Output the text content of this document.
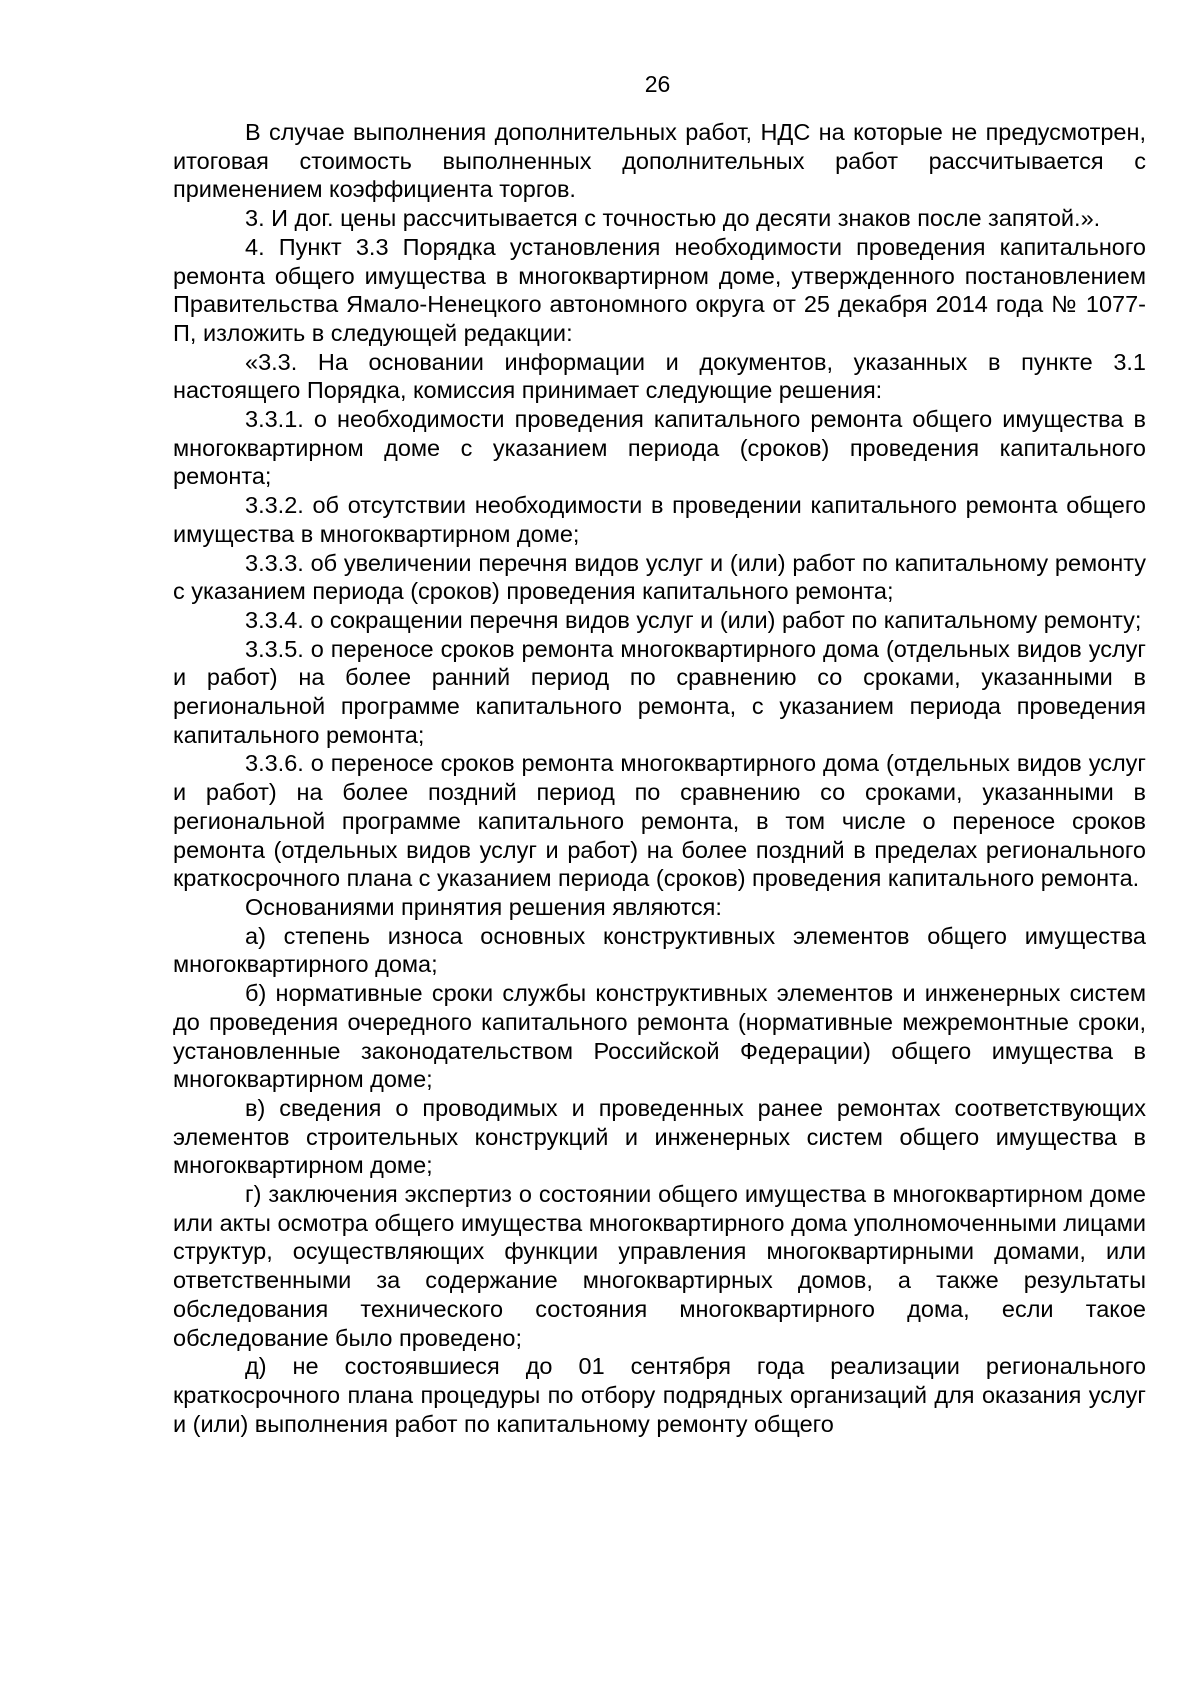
26

В случае выполнения дополнительных работ, НДС на которые не предусмотрен, итоговая стоимость выполненных дополнительных работ рассчитывается с применением коэффициента торгов.

3. И дог. цены рассчитывается с точностью до десяти знаков после запятой.».

4. Пункт 3.3 Порядка установления необходимости проведения капитального ремонта общего имущества в многоквартирном доме, утвержденного постановлением Правительства Ямало-Ненецкого автономного округа от 25 декабря 2014 года № 1077-П, изложить в следующей редакции:

«3.3. На основании информации и документов, указанных в пункте 3.1 настоящего Порядка, комиссия принимает следующие решения:

3.3.1. о необходимости проведения капитального ремонта общего имущества в многоквартирном доме с указанием периода (сроков) проведения капитального ремонта;

3.3.2. об отсутствии необходимости в проведении капитального ремонта общего имущества в многоквартирном доме;

3.3.3. об увеличении перечня видов услуг и (или) работ по капитальному ремонту с указанием периода (сроков) проведения капитального ремонта;

3.3.4. о сокращении перечня видов услуг и (или) работ по капитальному ремонту;

3.3.5. о переносе сроков ремонта многоквартирного дома (отдельных видов услуг и работ) на более ранний период по сравнению со сроками, указанными в региональной программе капитального ремонта, с указанием периода проведения капитального ремонта;

3.3.6. о переносе сроков ремонта многоквартирного дома (отдельных видов услуг и работ) на более поздний период по сравнению со сроками, указанными в региональной программе капитального ремонта, в том числе о переносе сроков ремонта (отдельных видов услуг и работ) на более поздний в пределах регионального краткосрочного плана с указанием периода (сроков) проведения капитального ремонта.

Основаниями принятия решения являются:

а) степень износа основных конструктивных элементов общего имущества многоквартирного дома;

б) нормативные сроки службы конструктивных элементов и инженерных систем до проведения очередного капитального ремонта (нормативные межремонтные сроки, установленные законодательством Российской Федерации) общего имущества в многоквартирном доме;

в) сведения о проводимых и проведенных ранее ремонтах соответствующих элементов строительных конструкций и инженерных систем общего имущества в многоквартирном доме;

г) заключения экспертиз о состоянии общего имущества в многоквартирном доме или акты осмотра общего имущества многоквартирного дома уполномоченными лицами структур, осуществляющих функции управления многоквартирными домами, или ответственными за содержание многоквартирных домов, а также результаты обследования технического состояния многоквартирного дома, если такое обследование было проведено;

д) не состоявшиеся до 01 сентября года реализации регионального краткосрочного плана процедуры по отбору подрядных организаций для оказания услуг и (или) выполнения работ по капитальному ремонту общего
